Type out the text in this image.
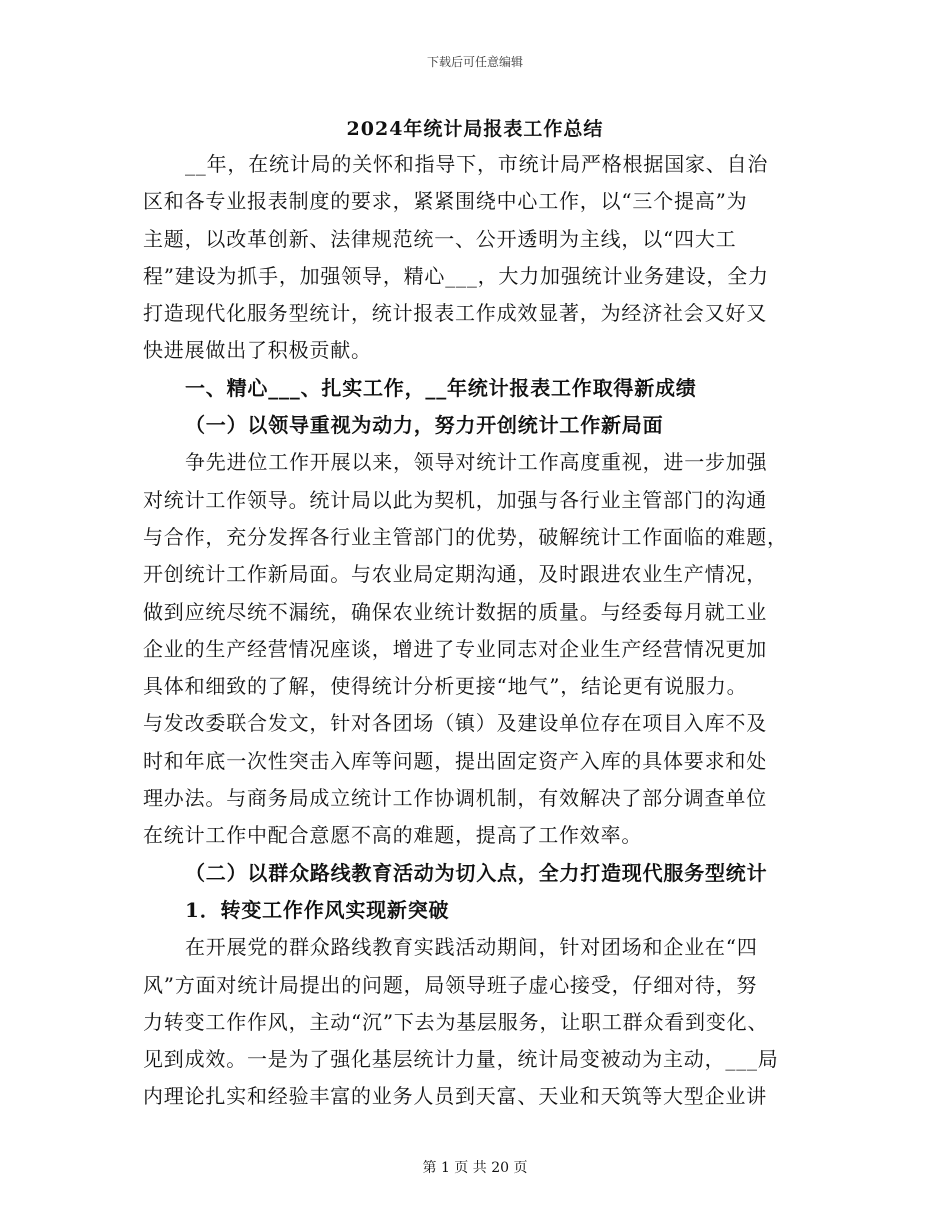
下载后可任意编辑
2024年统计局报表工作总结
__年，在统计局的关怀和指导下，市统计局严格根据国家、自治
区和各专业报表制度的要求，紧紧围绕中心工作，以“三个提高”为
主题，以改革创新、法律规范统一、公开透明为主线，以“四大工
程”建设为抓手，加强领导，精心___，大力加强统计业务建设，全力
打造现代化服务型统计，统计报表工作成效显著，为经济社会又好又
快进展做出了积极贡献。
一、精心___、扎实工作，__年统计报表工作取得新成绩
（一）以领导重视为动力，努力开创统计工作新局面
争先进位工作开展以来，领导对统计工作高度重视，进一步加强
对统计工作领导。统计局以此为契机，加强与各行业主管部门的沟通
与合作，充分发挥各行业主管部门的优势，破解统计工作面临的难题，
开创统计工作新局面。与农业局定期沟通，及时跟进农业生产情况，
做到应统尽统不漏统，确保农业统计数据的质量。与经委每月就工业
企业的生产经营情况座谈，增进了专业同志对企业生产经营情况更加
具体和细致的了解，使得统计分析更接“地气”，结论更有说服力。
与发改委联合发文，针对各团场（镇）及建设单位存在项目入库不及
时和年底一次性突击入库等问题，提出固定资产入库的具体要求和处
理办法。与商务局成立统计工作协调机制，有效解决了部分调查单位
在统计工作中配合意愿不高的难题，提高了工作效率。
（二）以群众路线教育活动为切入点，全力打造现代服务型统计
1．转变工作作风实现新突破
在开展党的群众路线教育实践活动期间，针对团场和企业在“四
风”方面对统计局提出的问题，局领导班子虚心接受，仔细对待，努
力转变工作作风，主动“沉”下去为基层服务，让职工群众看到变化、
见到成效。一是为了强化基层统计力量，统计局变被动为主动，___局
内理论扎实和经验丰富的业务人员到天富、天业和天筑等大型企业讲
第 1 页 共 20 页
